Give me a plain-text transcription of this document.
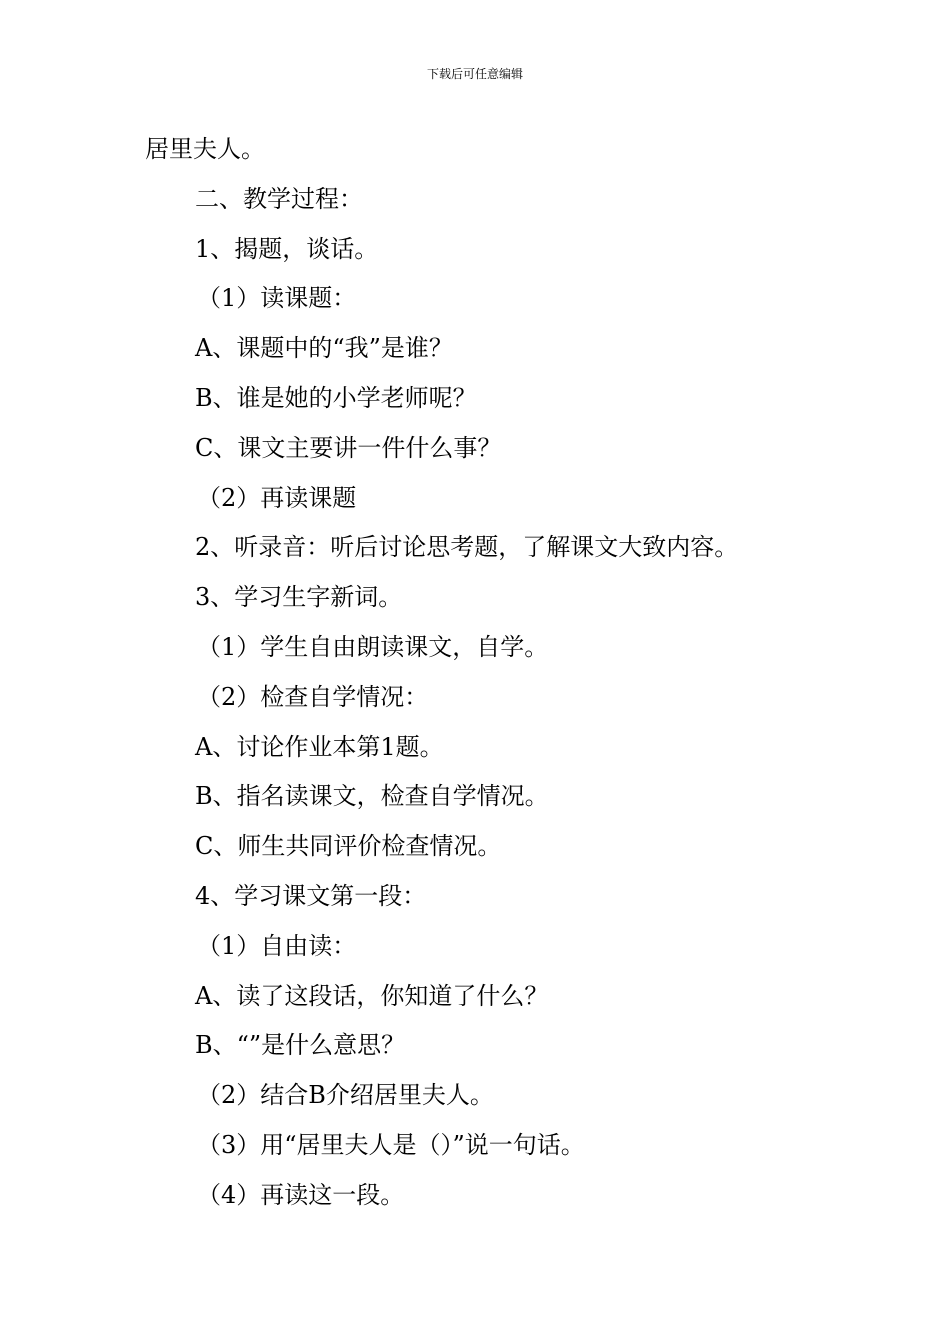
下载后可任意编辑
居里夫人。
二、教学过程：
1、揭题，谈话。
（1）读课题：
A、课题中的“我”是谁？
B、谁是她的小学老师呢？
C、课文主要讲一件什么事？
（2）再读课题
2、听录音：听后讨论思考题，了解课文大致内容。
3、学习生字新词。
（1）学生自由朗读课文，自学。
（2）检查自学情况：
A、讨论作业本第1题。
B、指名读课文，检查自学情况。
C、师生共同评价检查情况。
4、学习课文第一段：
（1）自由读：
A、读了这段话，你知道了什么？
B、“”是什么意思？
（2）结合B介绍居里夫人。
（3）用“居里夫人是（）”说一句话。
（4）再读这一段。
